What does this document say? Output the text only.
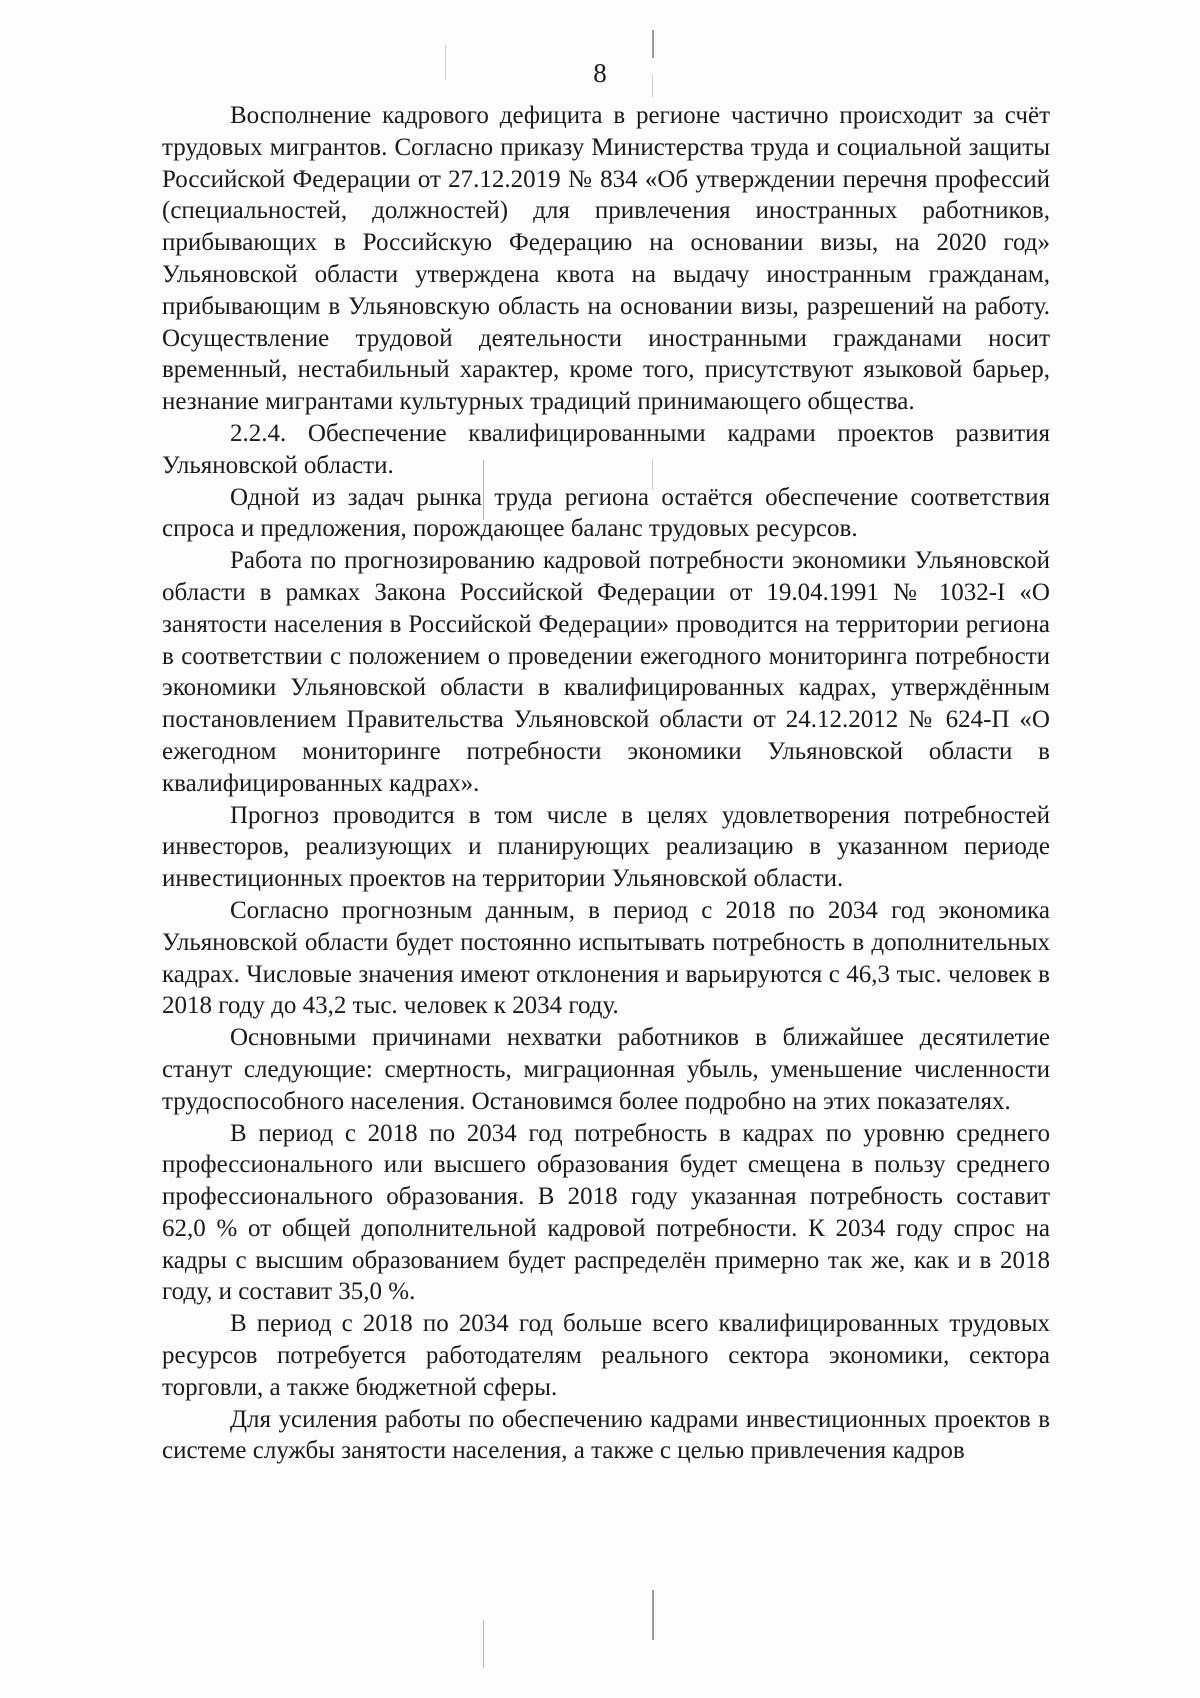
8

Восполнение кадрового дефицита в регионе частично происходит за счёт трудовых мигрантов. Согласно приказу Министерства труда и социальной защиты Российской Федерации от 27.12.2019 № 834 «Об утверждении перечня профессий (специальностей, должностей) для привлечения иностранных работников, прибывающих в Российскую Федерацию на основании визы, на 2020 год» Ульяновской области утверждена квота на выдачу иностранным гражданам, прибывающим в Ульяновскую область на основании визы, разрешений на работу. Осуществление трудовой деятельности иностранными гражданами носит временный, нестабильный характер, кроме того, присутствуют языковой барьер, незнание мигрантами культурных традиций принимающего общества.

2.2.4. Обеспечение квалифицированными кадрами проектов развития Ульяновской области.

Одной из задач рынка труда региона остаётся обеспечение соответствия спроса и предложения, порождающее баланс трудовых ресурсов.

Работа по прогнозированию кадровой потребности экономики Ульяновской области в рамках Закона Российской Федерации от 19.04.1991 № 1032-I «О занятости населения в Российской Федерации» проводится на территории региона в соответствии с положением о проведении ежегодного мониторинга потребности экономики Ульяновской области в квалифицированных кадрах, утверждённым постановлением Правительства Ульяновской области от 24.12.2012 № 624-П «О ежегодном мониторинге потребности экономики Ульяновской области в квалифицированных кадрах».

Прогноз проводится в том числе в целях удовлетворения потребностей инвесторов, реализующих и планирующих реализацию в указанном периоде инвестиционных проектов на территории Ульяновской области.

Согласно прогнозным данным, в период с 2018 по 2034 год экономика Ульяновской области будет постоянно испытывать потребность в дополнительных кадрах. Числовые значения имеют отклонения и варьируются с 46,3 тыс. человек в 2018 году до 43,2 тыс. человек к 2034 году.

Основными причинами нехватки работников в ближайшее десятилетие станут следующие: смертность, миграционная убыль, уменьшение численности трудоспособного населения. Остановимся более подробно на этих показателях.

В период с 2018 по 2034 год потребность в кадрах по уровню среднего профессионального или высшего образования будет смещена в пользу среднего профессионального образования. В 2018 году указанная потребность составит 62,0 % от общей дополнительной кадровой потребности. К 2034 году спрос на кадры с высшим образованием будет распределён примерно так же, как и в 2018 году, и составит 35,0 %.

В период с 2018 по 2034 год больше всего квалифицированных трудовых ресурсов потребуется работодателям реального сектора экономики, сектора торговли, а также бюджетной сферы.

Для усиления работы по обеспечению кадрами инвестиционных проектов в системе службы занятости населения, а также с целью привлечения кадров
